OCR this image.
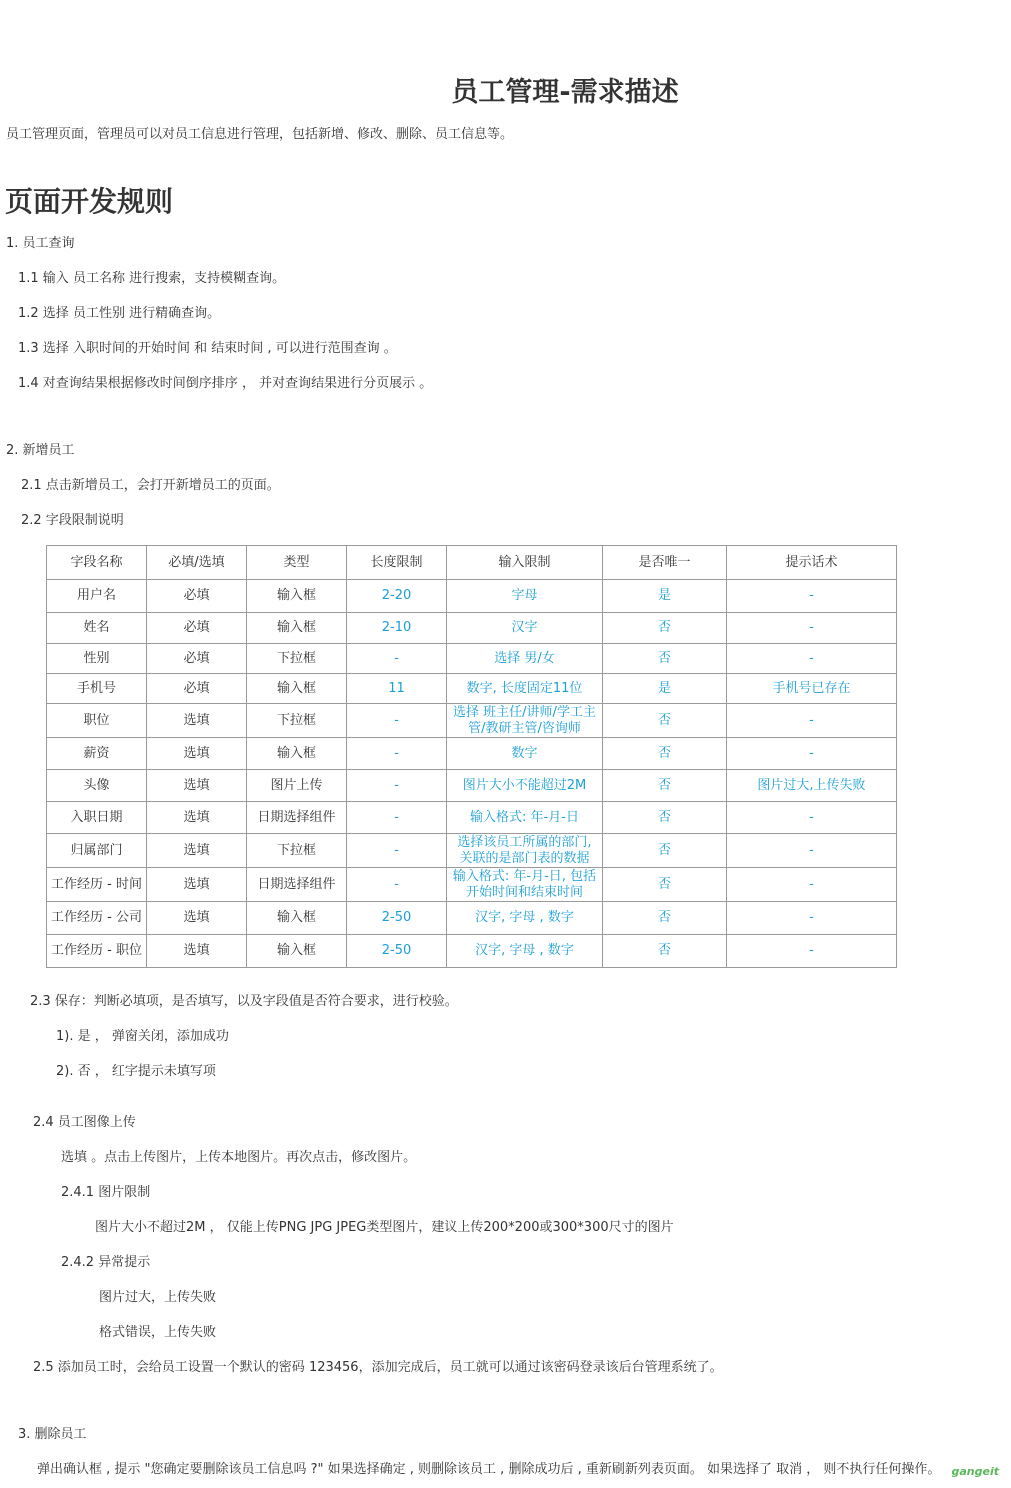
员工管理-需求描述
员工管理页面，管理员可以对员工信息进行管理，包括新增、修改、删除、员工信息等。
页面开发规则
1. 员工查询
1.1 输入 员工名称 进行搜索，支持模糊查询。
1.2 选择 员工性别 进行精确查询。
1.3 选择 入职时间的开始时间 和 结束时间 , 可以进行范围查询 。
1.4 对查询结果根据修改时间倒序排序 ， 并对查询结果进行分页展示 。
2. 新增员工
2.1 点击新增员工，会打开新增员工的页面。
2.2 字段限制说明
字段名称	必填/选填	类型	长度限制	输入限制	是否唯一	提示话术
用户名	必填	输入框	2-20	字母	是	-
姓名	必填	输入框	2-10	汉字	否	-
性别	必填	下拉框	-	选择 男/女	否	-
手机号	必填	输入框	11	数字, 长度固定11位	是	手机号已存在
职位	选填	下拉框	-	选择 班主任/讲师/学工主管/教研主管/咨询师	否	-
薪资	选填	输入框	-	数字	否	-
头像	选填	图片上传	-	图片大小不能超过2M	否	图片过大,上传失败
入职日期	选填	日期选择组件	-	输入格式: 年-月-日	否	-
归属部门	选填	下拉框	-	选择该员工所属的部门, 关联的是部门表的数据	否	-
工作经历 - 时间	选填	日期选择组件	-	输入格式: 年-月-日, 包括开始时间和结束时间	否	-
工作经历 - 公司	选填	输入框	2-50	汉字, 字母 , 数字	否	-
工作经历 - 职位	选填	输入框	2-50	汉字, 字母 , 数字	否	-
2.3 保存：判断必填项，是否填写，以及字段值是否符合要求，进行校验。
1). 是 ， 弹窗关闭，添加成功
2). 否 ， 红字提示未填写项
2.4 员工图像上传
选填 。点击上传图片，上传本地图片。再次点击，修改图片。
2.4.1 图片限制
图片大小不超过2M ， 仅能上传PNG JPG JPEG类型图片，建议上传200*200或300*300尺寸的图片
2.4.2 异常提示
图片过大，上传失败
格式错误，上传失败
2.5 添加员工时，会给员工设置一个默认的密码 123456，添加完成后，员工就可以通过该密码登录该后台管理系统了。
3. 删除员工
弹出确认框 , 提示 "您确定要删除该员工信息吗 ?" 如果选择确定 , 则删除该员工 , 删除成功后 , 重新刷新列表页面。 如果选择了 取消 ， 则不执行任何操作。 gangeit
